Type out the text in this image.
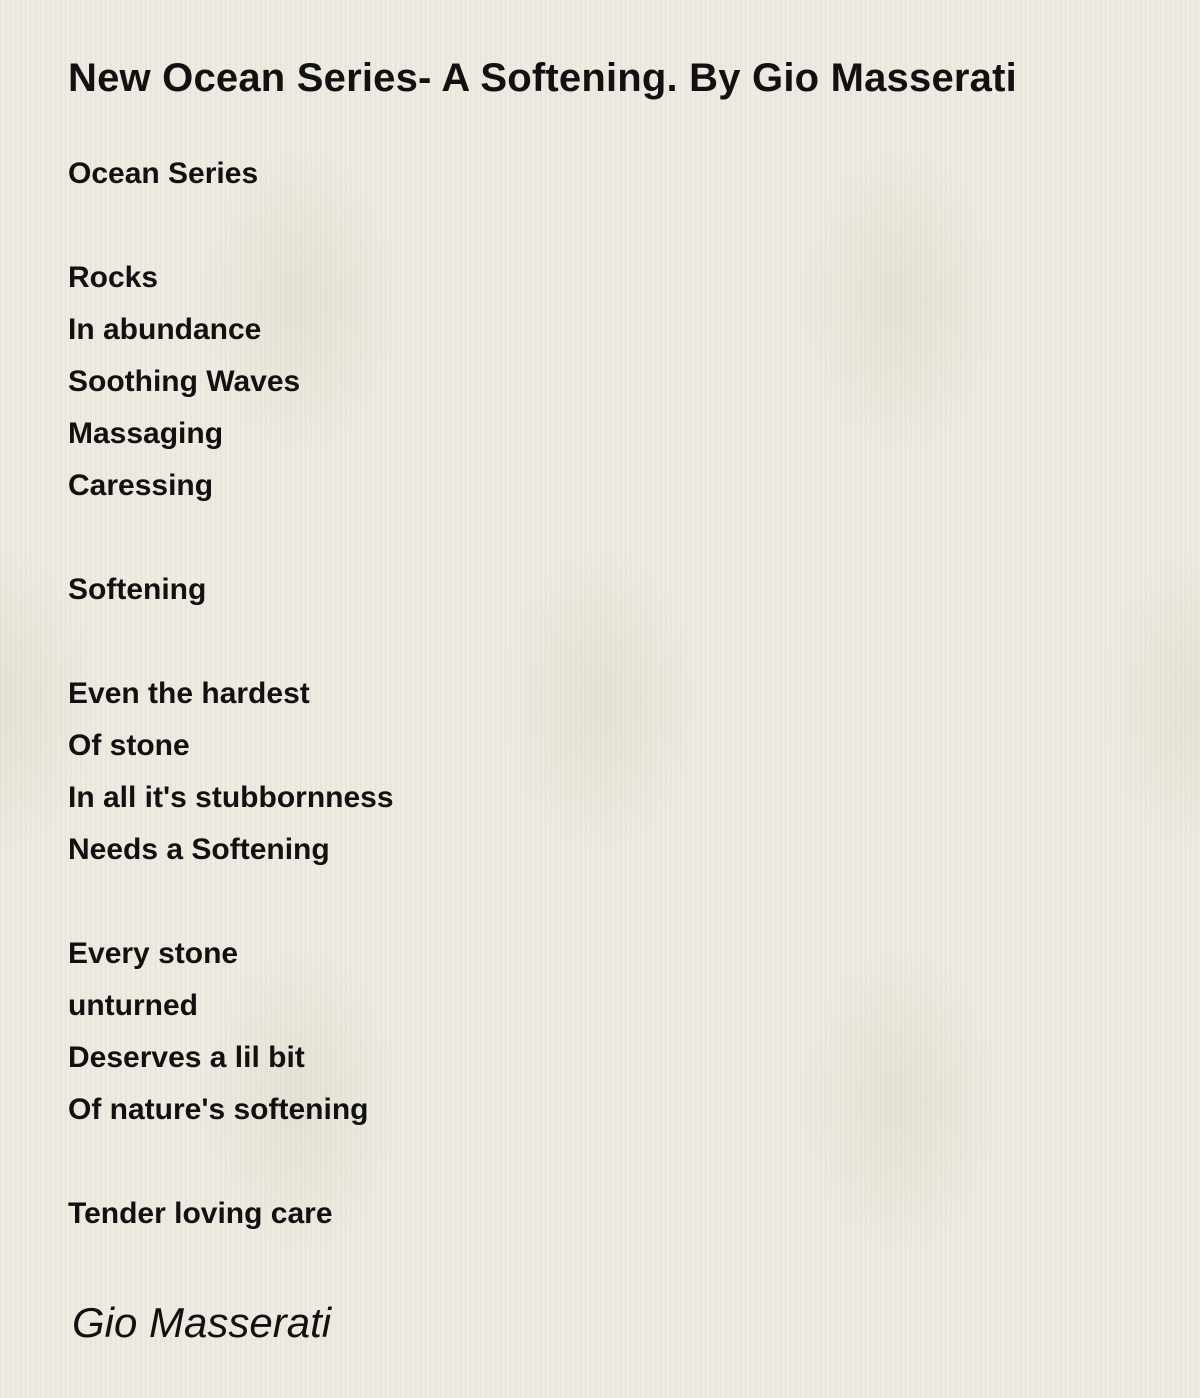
New Ocean Series- A Softening. By Gio Masserati
Ocean Series
Rocks
In abundance
Soothing Waves
Massaging
Caressing
Softening
Even the hardest
Of stone
In all it's stubbornness
Needs a Softening
Every stone
unturned
Deserves a lil bit
Of nature's softening
Tender loving care
Gio Masserati
